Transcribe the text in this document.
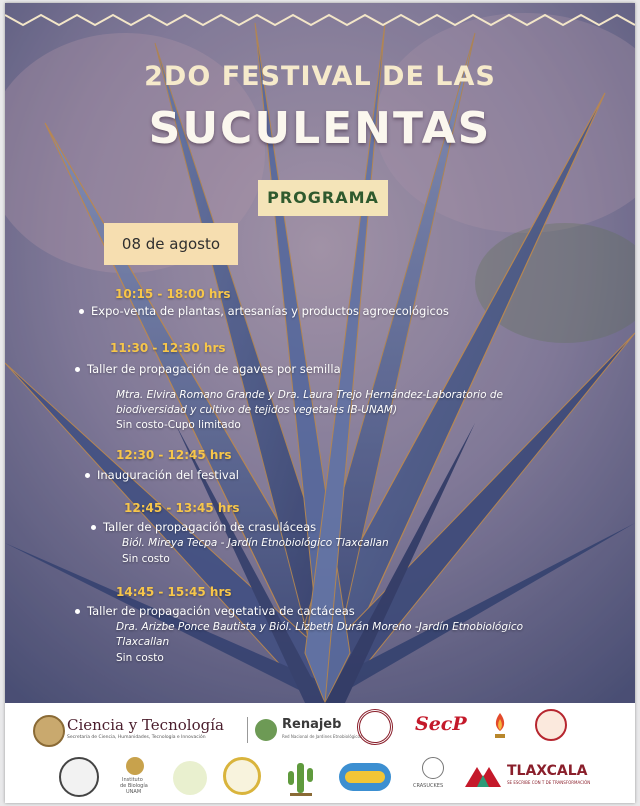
2DO FESTIVAL DE LAS
SUCULENTAS
PROGRAMA
08 de agosto
10:15 - 18:00 hrs
Expo-venta de plantas, artesanías y productos agroecológicos
11:30 - 12:30 hrs
Taller de propagación de agaves por semilla
Mtra. Elvira Romano Grande y Dra. Laura Trejo Hernández-Laboratorio de
biodiversidad y cultivo de tejidos vegetales IB-UNAM)
Sin costo-Cupo limitado
12:30 - 12:45 hrs
Inauguración del festival
12:45 - 13:45 hrs
Taller de propagación de crasuláceas
Biól. Mireya Tecpa - Jardín Etnobiológico Tlaxcallan
Sin costo
14:45 - 15:45 hrs
Taller de propagación vegetativa de cactáceas
Dra. Arizbe Ponce Bautista y Biól. Lizbeth Durán Moreno -Jardín Etnobiológico
Tlaxcallan
Sin costo
Ciencia y Tecnología
Secretaría de Ciencia, Humanidades, Tecnología e Innovación
Renajeb
Red Nacional de Jardines Etnobiológicos
SecP
Instituto
de Biología
UNAM
CRASUCKES
TLAXCALA
SE ESCRIBE CON T DE TRANSFORMACIÓN
